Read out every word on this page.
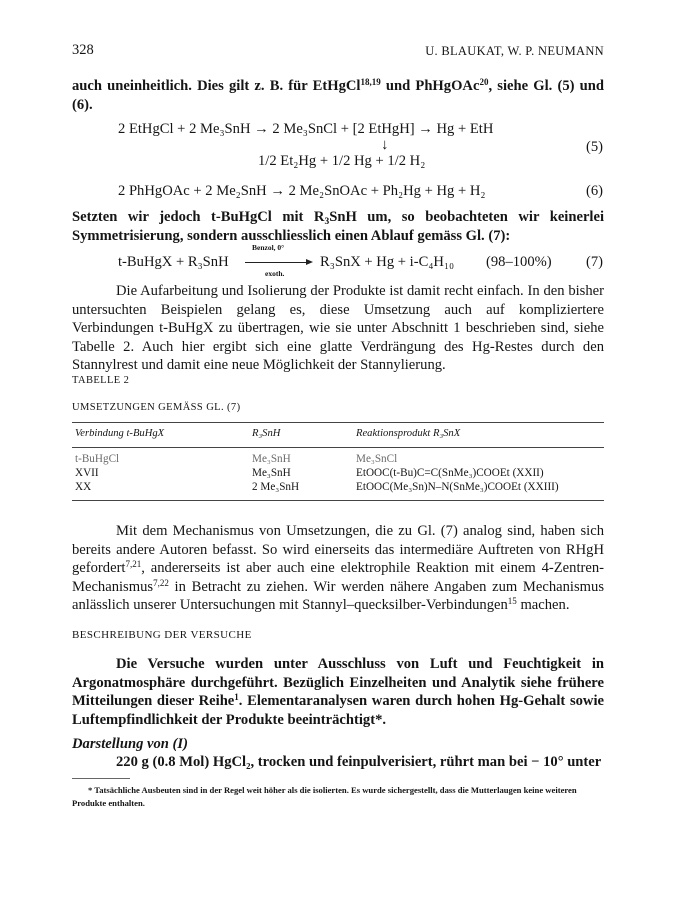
328	U. BLAUKAT, W. P. NEUMANN

auch uneinheitlich. Dies gilt z. B. für EtHgCl$^{18,19}$ und PhHgOAc$^{20}$, siehe Gl. (5) und (6).

2 EtHgCl + 2 Me₃SnH → 2 Me₃SnCl + [2 EtHgH] → Hg + EtH
↓
1/2 Et₂Hg + 1/2 Hg + 1/2 H₂
(5)
2 PhHgOAc + 2 Me₂SnH → 2 Me₂SnOAc + Ph₂Hg + Hg + H₂	(6)

Setzten wir jedoch t-BuHgCl mit $R_3SnH$ um, so beobachteten wir keinerlei Symmetrisierung, sondern ausschliesslich einen Ablauf gemäss Gl. (7):

t-BuHgX + R₃SnH
Benzol, 0°
exoth.
R₃SnX + Hg + i-C₄H₁₀ (98–100%) (7)

Die Aufarbeitung und Isolierung der Produkte ist damit recht einfach. In den bisher untersuchten Beispielen gelang es, diese Umsetzung auch auf kompliziertere Verbindungen t-BuHgX zu übertragen, wie sie unter Abschnitt 1 beschrieben sind, siehe Tabelle 2. Auch hier ergibt sich eine glatte Verdrängung des Hg-Restes durch den Stannylrest und damit eine neue Möglichkeit der Stannylierung.

TABELLE 2
UMSETZUNGEN GEMÄSS GL. (7)
Verbindung t-BuHgX	R₃SnH	Reaktionsprodukt R₃SnX
t-BuHgCl	Me₃SnH	Me₃SnCl
XVII	Me₃SnH	EtOOC(t-Bu)C=C(SnMe₃)COOEt (XXII)
XX	2 Me₃SnH	EtOOC(Me₃Sn)N–N(SnMe₃)COOEt (XXIII)

Mit dem Mechanismus von Umsetzungen, die zu Gl. (7) analog sind, haben sich bereits andere Autoren befasst. So wird einerseits das intermediäre Auftreten von RHgH gefordert$^{7,21}$, andererseits ist aber auch eine elektrophile Reaktion mit einem 4-Zentren-Mechanismus$^{7,22}$ in Betracht zu ziehen. Wir werden nähere Angaben zum Mechanismus anlässlich unserer Untersuchungen mit Stannyl–quecksilber-Verbindungen$^{15}$ machen.

BESCHREIBUNG DER VERSUCHE

Die Versuche wurden unter Ausschluss von Luft und Feuchtigkeit in Argonatmosphäre durchgeführt. Bezüglich Einzelheiten und Analytik siehe frühere Mitteilungen dieser Reihe$^1$. Elementaranalysen waren durch hohen Hg-Gehalt sowie Luftempfindlichkeit der Produkte beeinträchtigt*.

Darstellung von (I)
220 g (0.8 Mol) HgCl₂, trocken und feinpulverisiert, rührt man bei − 10° unter

* Tatsächliche Ausbeuten sind in der Regel weit höher als die isolierten. Es wurde sichergestellt, dass die Mutterlaugen keine weiteren Produkte enthalten.
